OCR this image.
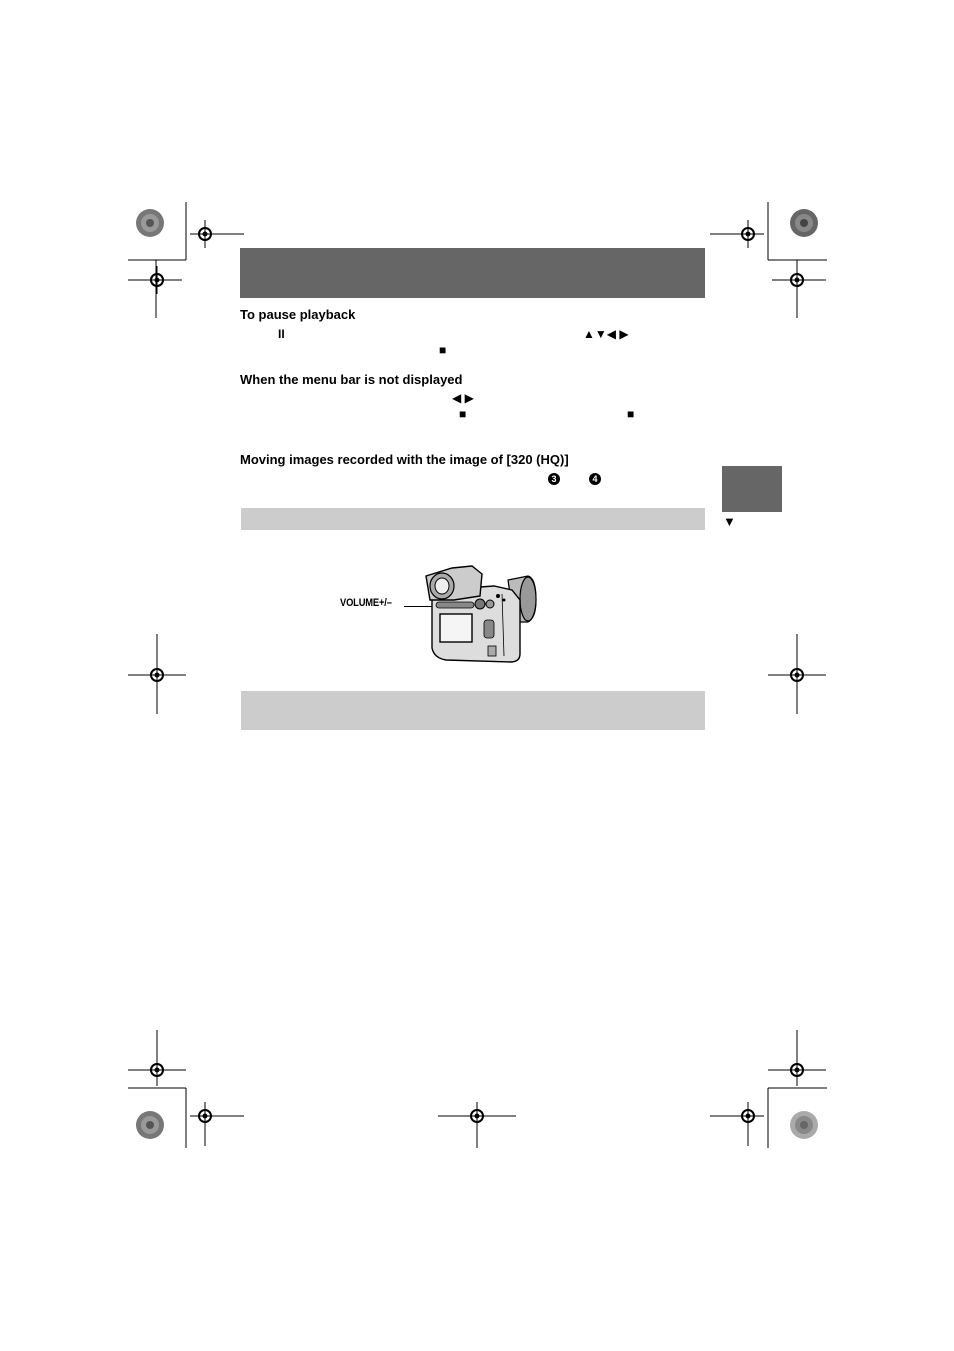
To pause playback
II	▲▼◀ ▶
■
When the menu bar is not displayed
◀ ▶
■	■
Moving images recorded with the image of [320 (HQ)]
3	4
▼
VOLUME+/–
